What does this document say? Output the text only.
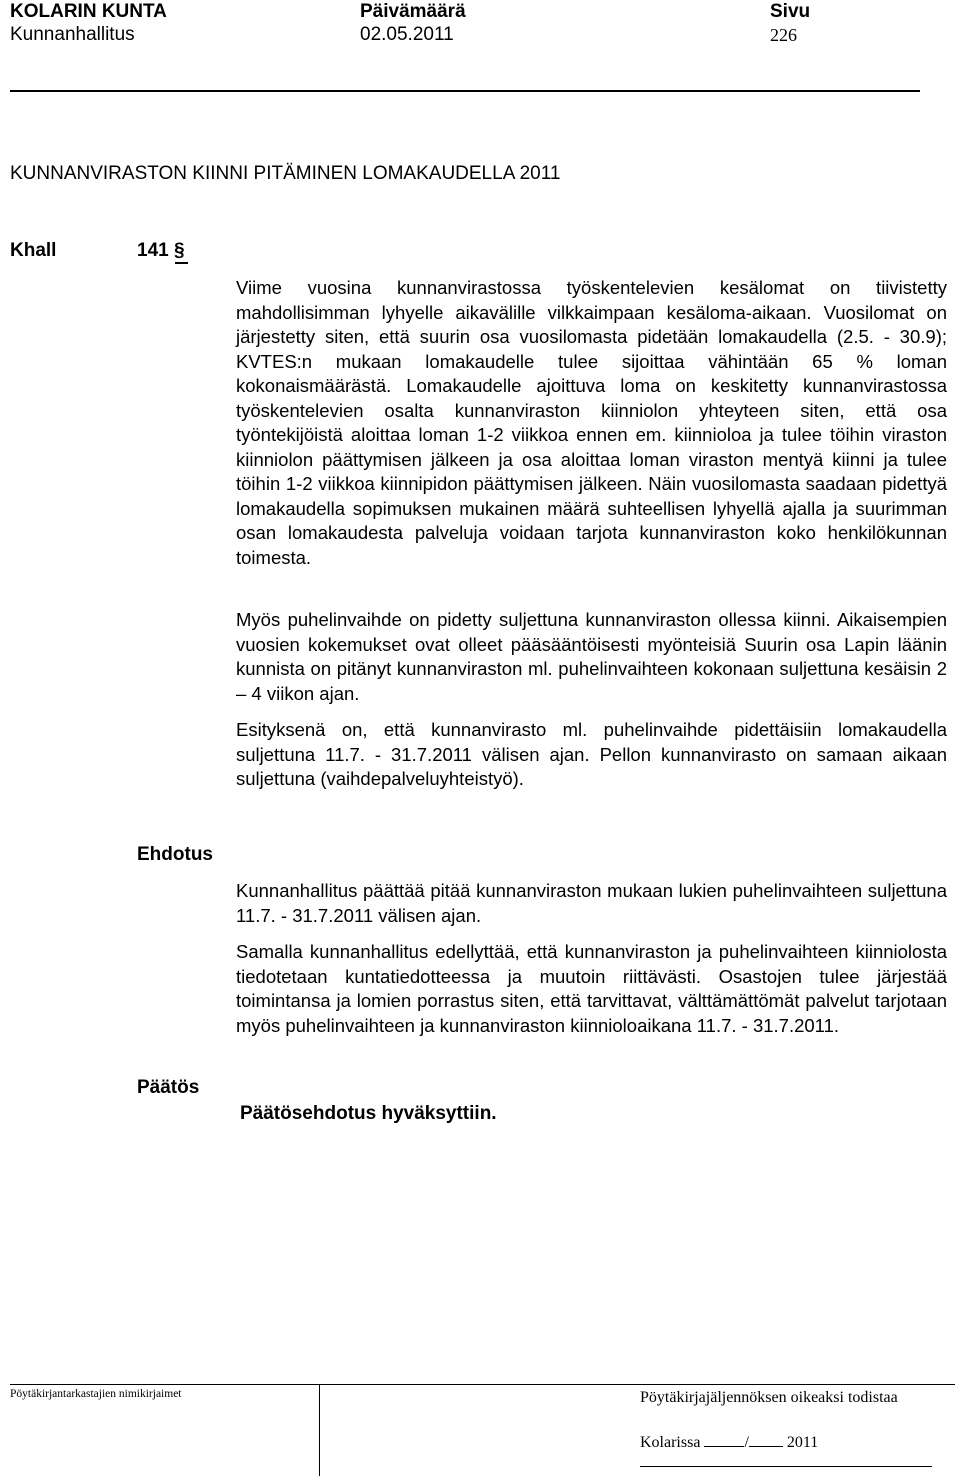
KOLARIN KUNTA	Päivämäärä	Sivu
Kunnanhallitus	02.05.2011	226
KUNNANVIRASTON KIINNI PITÄMINEN LOMAKAUDELLA 2011
Khall	141 §

Viime vuosina kunnanvirastossa työskentelevien kesälomat on tiivistetty mahdollisimman lyhyelle aikavälille vilkkaimpaan kesäloma-aikaan. Vuosilomat on järjestetty siten, että suurin osa vuosilomasta pidetään lomakaudella (2.5. - 30.9); KVTES:n mukaan lomakaudelle tulee sijoittaa vähintään 65 % loman kokonaismäärästä. Lomakaudelle ajoittuva loma on keskitetty kunnanvirastossa työskentelevien osalta kunnanviraston kiinniolon yhteyteen siten, että osa työntekijöistä aloittaa loman 1-2 viikkoa ennen em. kiinnioloa ja tulee töihin viraston kiinniolon päättymisen jälkeen ja osa aloittaa loman viraston mentyä kiinni ja tulee töihin 1-2 viikkoa kiinnipidon päättymisen jälkeen. Näin vuosilomasta saadaan pidettyä lomakaudella sopimuksen mukainen määrä suhteellisen lyhyellä ajalla ja suurimman osan lomakaudesta palveluja voidaan tarjota kunnanviraston koko henkilökunnan toimesta.

Myös puhelinvaihde on pidetty suljettuna kunnanviraston ollessa kiinni. Aikaisempien vuosien kokemukset ovat olleet pääsääntöisesti myönteisiä Suurin osa Lapin läänin kunnista on pitänyt kunnanviraston ml. puhelinvaihteen kokonaan suljettuna kesäisin 2 – 4 viikon ajan.

Esityksenä on, että kunnanvirasto ml. puhelinvaihde pidettäisiin lomakaudella suljettuna 11.7. - 31.7.2011 välisen ajan. Pellon kunnanvirasto on samaan aikaan suljettuna (vaihdepalveluyhteistyö).

Ehdotus

Kunnanhallitus päättää pitää kunnanviraston mukaan lukien puhelinvaihteen suljettuna 11.7. - 31.7.2011 välisen ajan.

Samalla kunnanhallitus edellyttää, että kunnanviraston ja puhelinvaihteen kiinniolosta tiedotetaan kuntatiedotteessa ja muutoin riittävästi. Osastojen tulee järjestää toimintansa ja lomien porrastus siten, että tarvittavat, välttämättömät palvelut tarjotaan myös puhelinvaihteen ja kunnanviraston kiinnioloaikana 11.7. - 31.7.2011.

Päätös
Päätösehdotus hyväksyttiin.
Pöytäkirjantarkastajien nimikirjaimet	Pöytäkirjajäljennöksen oikeaksi todistaa
Kolarissa	/ 2011
